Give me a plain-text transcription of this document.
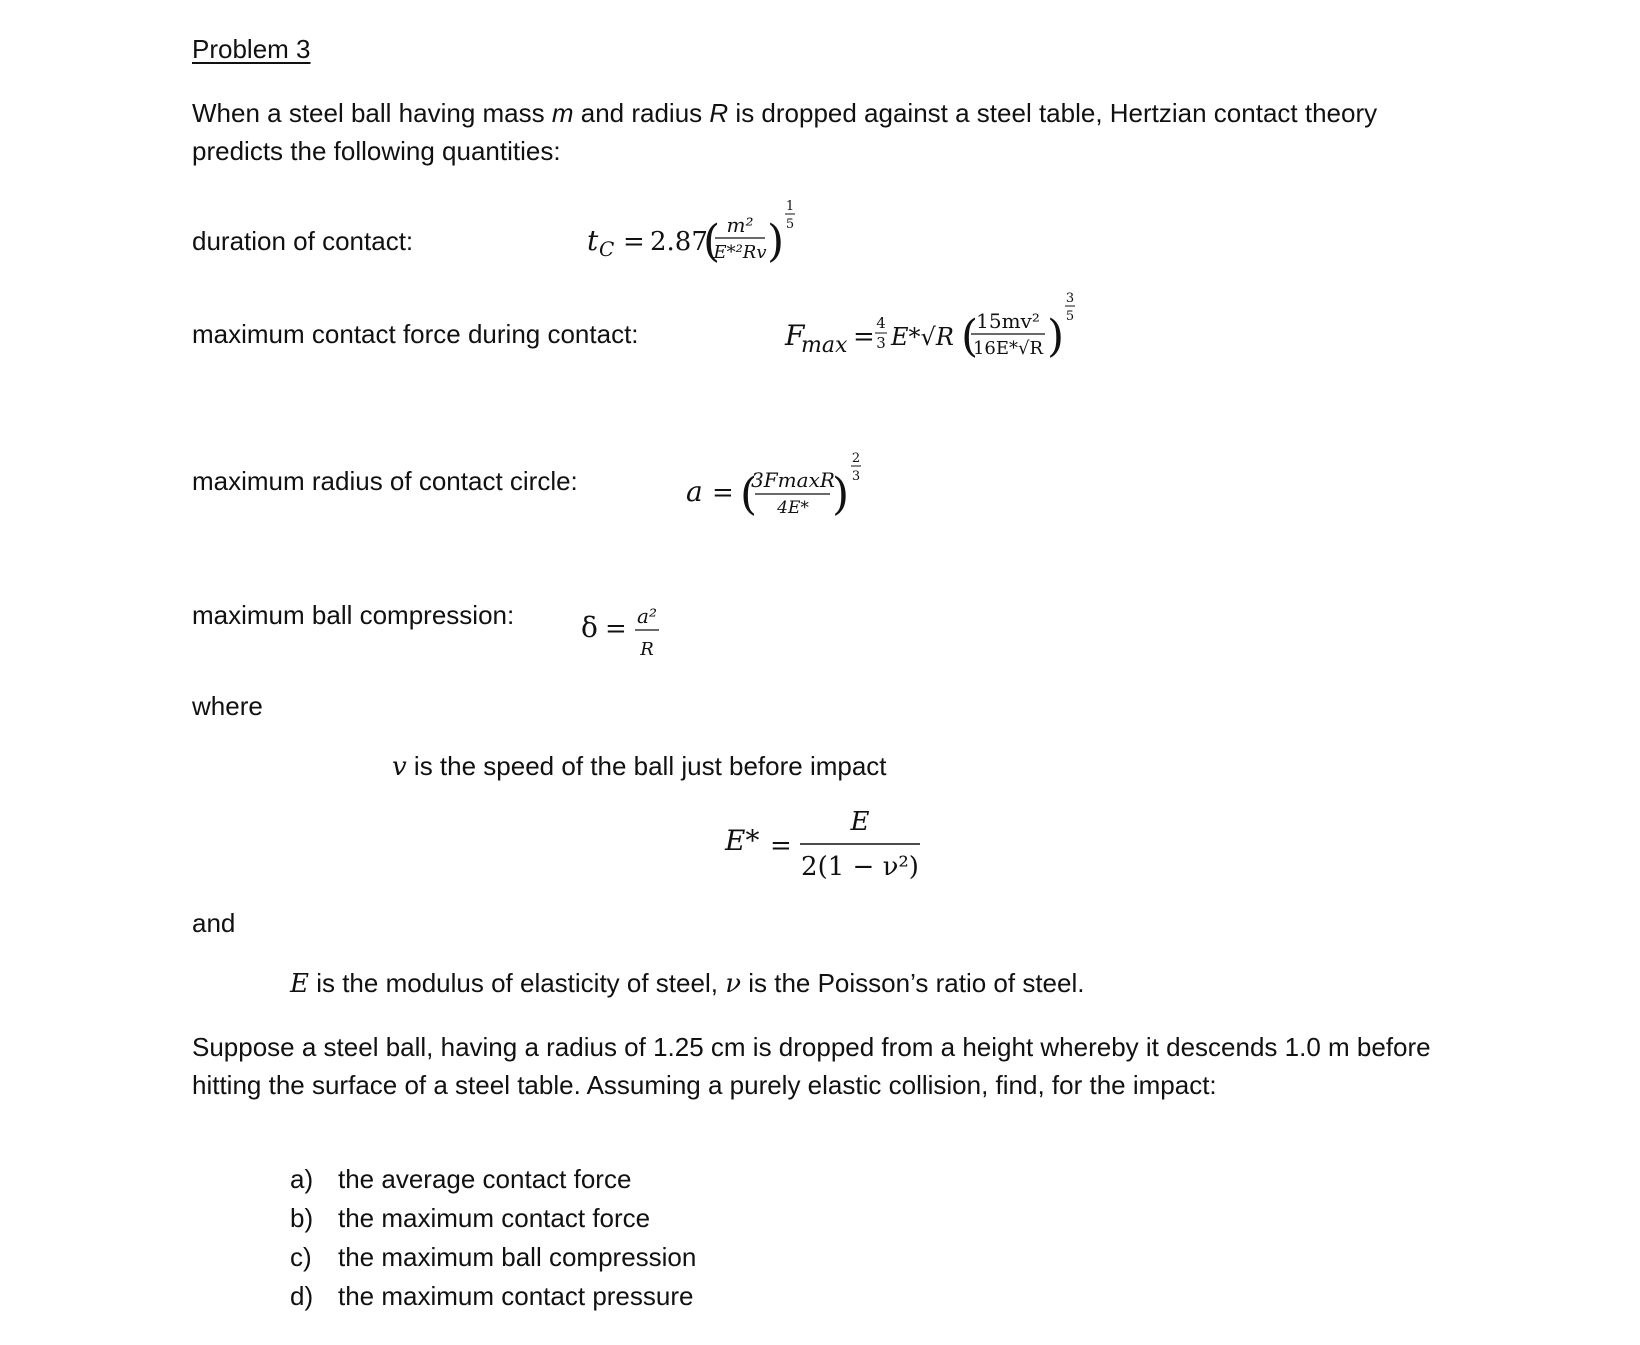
Problem 3
When a steel ball having mass m and radius R is dropped against a steel table, Hertzian contact theory predicts the following quantities:
duration of contact:	t C = 2.87
( m²
E*²Rv )
1
5
maximum contact force during contact:	F
max = 4
3 E*√R (
15mv²
16E*√R )
3
5
maximum radius of contact circle:	a = (
3FmaxR
4E* )
2
3
maximum ball compression: δ = a²
R
where
v is the speed of the ball just before impact
E* =
E
2(1 − ν²)
and
E is the modulus of elasticity of steel, ν is the Poisson’s ratio of steel.
Suppose a steel ball, having a radius of 1.25 cm is dropped from a height whereby it descends 1.0 m before hitting the surface of a steel table. Assuming a purely elastic collision, find, for the impact:
a) the average contact force
b) the maximum contact force
c) the maximum ball compression
d) the maximum contact pressure
